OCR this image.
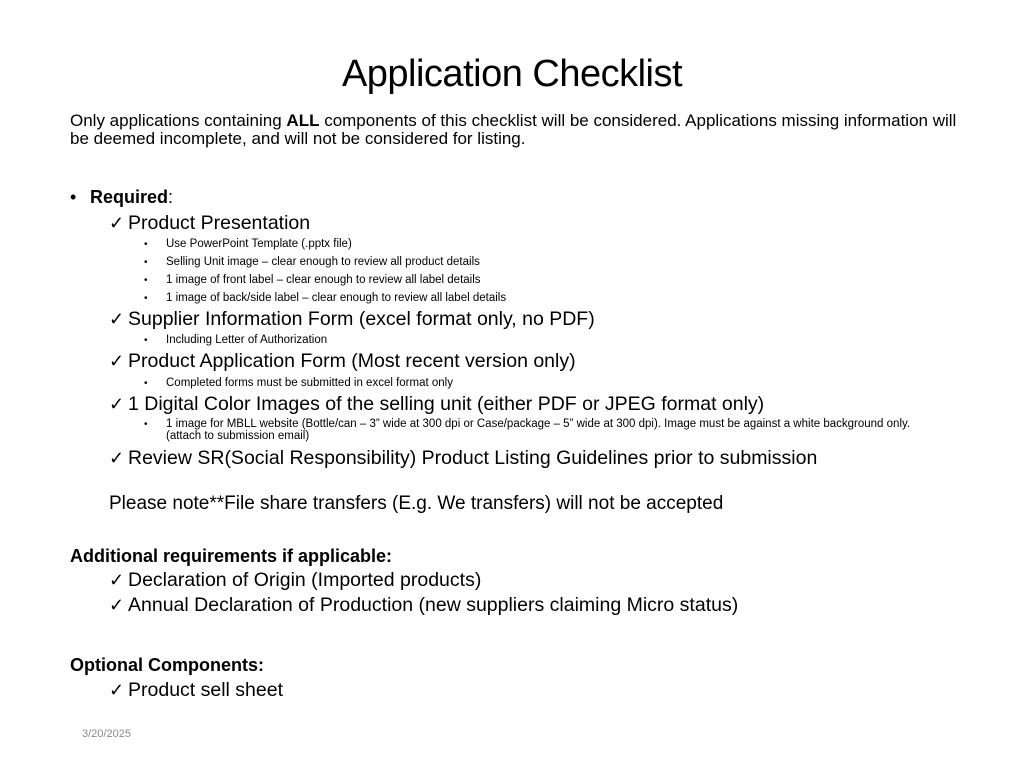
Application Checklist
Only applications containing ALL components of this checklist will be considered. Applications missing information will be deemed incomplete, and will not be considered for listing.
• Required:
✓ Product Presentation
• Use PowerPoint Template (.pptx file)
• Selling Unit image – clear enough to review all product details
• 1 image of front label – clear enough to review all label details
• 1 image of back/side label – clear enough to review all label details
✓ Supplier Information Form (excel format only, no PDF)
• Including Letter of Authorization
✓ Product Application Form (Most recent version only)
• Completed forms must be submitted in excel format only
✓ 1 Digital Color Images of the selling unit (either PDF or JPEG format only)
•	1 image for MBLL website (Bottle/can – 3” wide at 300 dpi or Case/package – 5” wide at 300 dpi). Image must be against a white background only. (attach to submission email)
✓ Review SR(Social Responsibility) Product Listing Guidelines prior to submission
Please note**File share transfers (E.g. We transfers) will not be accepted
Additional requirements if applicable:
✓ Declaration of Origin (Imported products)
✓ Annual Declaration of Production (new suppliers claiming Micro status)
Optional Components:
✓ Product sell sheet
3/20/2025
